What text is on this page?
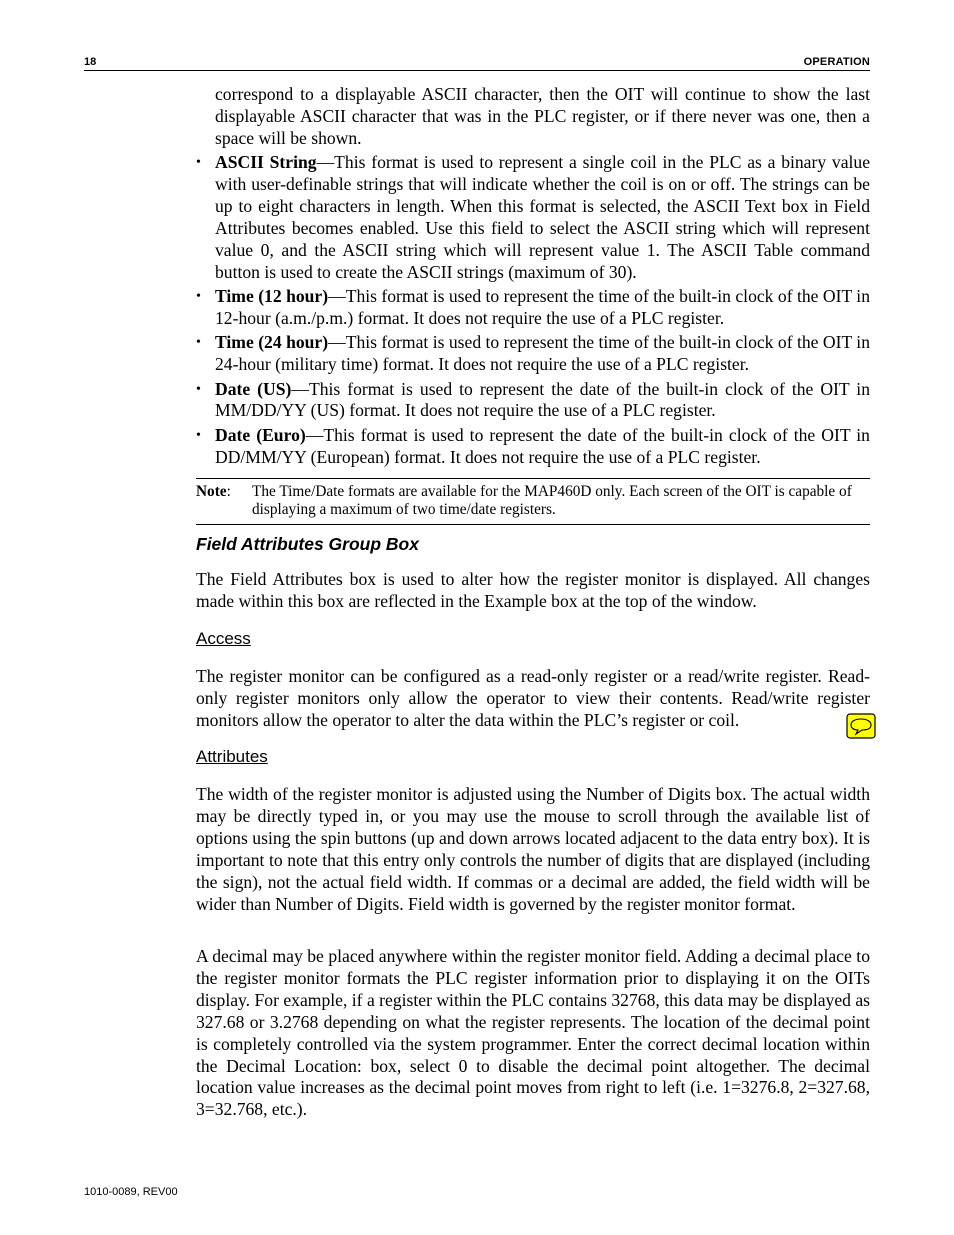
18	OPERATION

correspond to a displayable ASCII character, then the OIT will continue to show the last displayable ASCII character that was in the PLC register, or if there never was one, then a space will be shown.

• ASCII String—This format is used to represent a single coil in the PLC as a binary value with user-definable strings that will indicate whether the coil is on or off. The strings can be up to eight characters in length. When this format is selected, the ASCII Text box in Field Attributes becomes enabled. Use this field to select the ASCII string which will represent value 0, and the ASCII string which will represent value 1. The ASCII Table command button is used to create the ASCII strings (maximum of 30).
• Time (12 hour)—This format is used to represent the time of the built-in clock of the OIT in 12-hour (a.m./p.m.) format. It does not require the use of a PLC register.
• Time (24 hour)—This format is used to represent the time of the built-in clock of the OIT in 24-hour (military time) format. It does not require the use of a PLC register.
• Date (US)—This format is used to represent the date of the built-in clock of the OIT in MM/DD/YY (US) format. It does not require the use of a PLC register.
• Date (Euro)—This format is used to represent the date of the built-in clock of the OIT in DD/MM/YY (European) format. It does not require the use of a PLC register.
Note: The Time/Date formats are available for the MAP460D only. Each screen of the OIT is capable of displaying a maximum of two time/date registers.
Field Attributes Group Box

The Field Attributes box is used to alter how the register monitor is displayed. All changes made within this box are reflected in the Example box at the top of the window.

Access

The register monitor can be configured as a read-only register or a read/write register. Read-only register monitors only allow the operator to view their contents. Read/write register monitors allow the operator to alter the data within the PLC’s register or coil.

Attributes

The width of the register monitor is adjusted using the Number of Digits box. The actual width may be directly typed in, or you may use the mouse to scroll through the available list of options using the spin buttons (up and down arrows located adjacent to the data entry box). It is important to note that this entry only controls the number of digits that are displayed (including the sign), not the actual field width. If commas or a decimal are added, the field width will be wider than Number of Digits. Field width is governed by the register monitor format.

A decimal may be placed anywhere within the register monitor field. Adding a decimal place to the register monitor formats the PLC register information prior to displaying it on the OITs display. For example, if a register within the PLC contains 32768, this data may be displayed as 327.68 or 3.2768 depending on what the register represents. The location of the decimal point is completely controlled via the system programmer. Enter the correct decimal location within the Decimal Location: box, select 0 to disable the decimal point altogether. The decimal location value increases as the decimal point moves from right to left (i.e. 1=3276.8, 2=327.68, 3=32.768, etc.).

1010-0089, REV00
